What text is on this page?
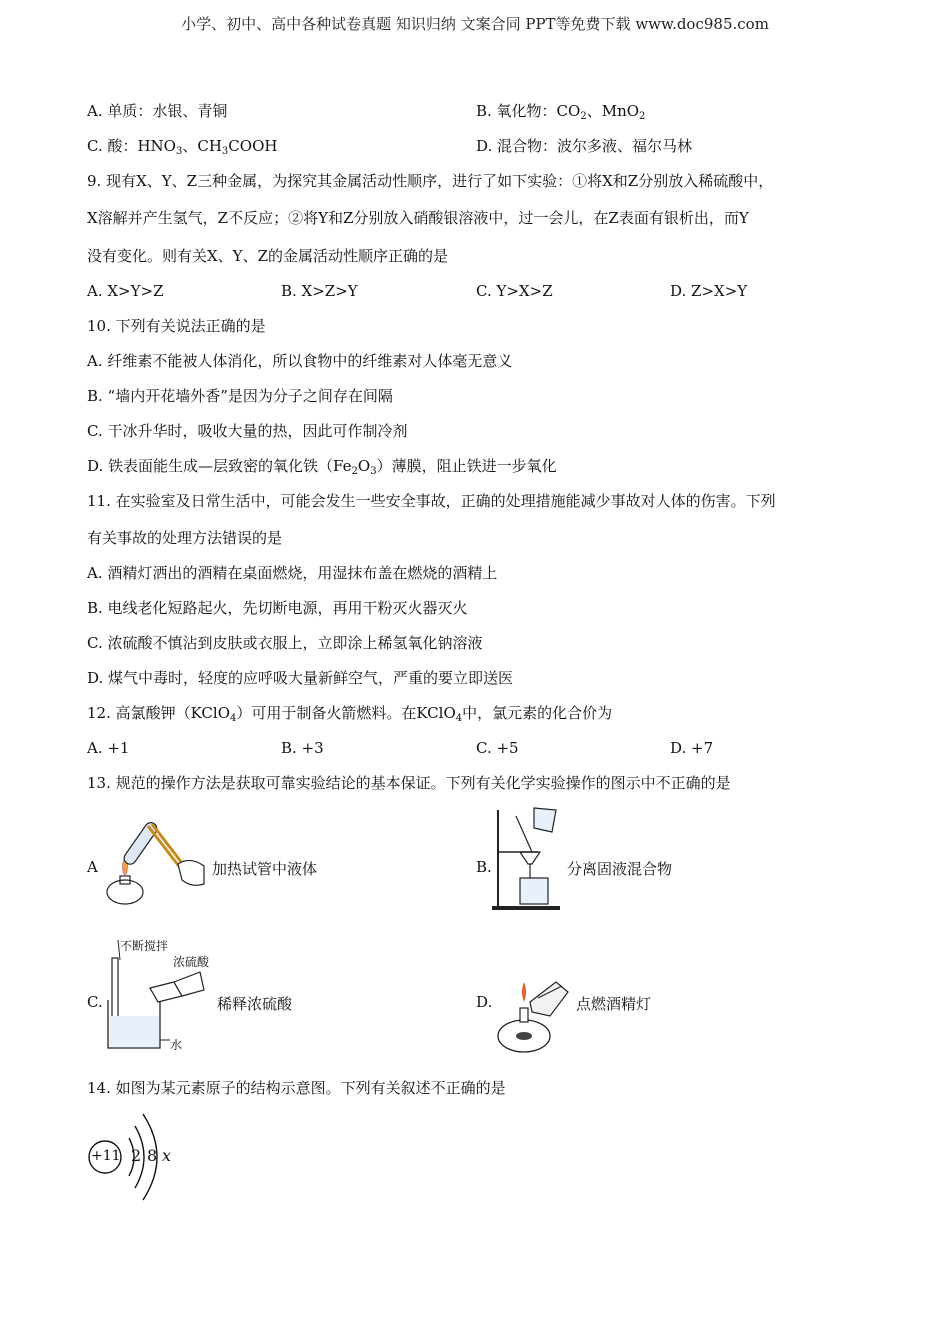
小学、初中、高中各种试卷真题 知识归纳 文案合同 PPT等免费下载 www.doc985.com
A. 单质：水银、青铜	B. 氧化物：$CO_2$、MnO$_2$
C. 酸：$HNO_3$、$CH_3COOH$	D. 混合物：波尔多液、福尔马林
9. 现有X、Y、Z三种金属，为探究其金属活动性顺序，进行了如下实验：①将X和Z分别放入稀硫酸中，
X溶解并产生氢气，Z不反应；②将Y和Z分别放入硝酸银溶液中，过一会儿，在Z表面有银析出，而Y
没有变化。则有关X、Y、Z的金属活动性顺序正确的是
A. X>Y>Z	B. X>Z>Y	C. Y>X>Z	D. Z>X>Y
10. 下列有关说法正确的是
A. 纤维素不能被人体消化，所以食物中的纤维素对人体毫无意义
B. “墙内开花墙外香”是因为分子之间存在间隔
C. 干冰升华时，吸收大量的热，因此可作制冷剂
D. 铁表面能生成—层致密的氧化铁$(Fe_2O_3)$薄膜，阻止铁进一步氧化
11. 在实验室及日常生活中，可能会发生一些安全事故，正确的处理措施能减少事故对人体的伤害。下列
有关事故的处理方法错误的是
A. 酒精灯洒出的酒精在桌面燃烧，用湿抹布盖在燃烧的酒精上
B. 电线老化短路起火，先切断电源，再用干粉灭火器灭火
C. 浓硫酸不慎沾到皮肤或衣服上，立即涂上稀氢氧化钠溶液
D. 煤气中毒时，轻度的应呼吸大量新鲜空气，严重的要立即送医
12. 高氯酸钾（KClO$_4$）可用于制备火箭燃料。在KClO$_4$中，氯元素的化合价为
A. +1	B. +3	C. +5	D. +7
13. 规范的操作方法是获取可靠实验结论的基本保证。下列有关化学实验操作的图示中不正确的是
A	加热试管中液体	B.	分离固液混合物
C.
不断搅拌
浓硫酸
水
稀释浓硫酸	D.	点燃酒精灯
14. 如图为某元素原子的结构示意图。下列有关叙述不正确的是
+11 2 8 x
